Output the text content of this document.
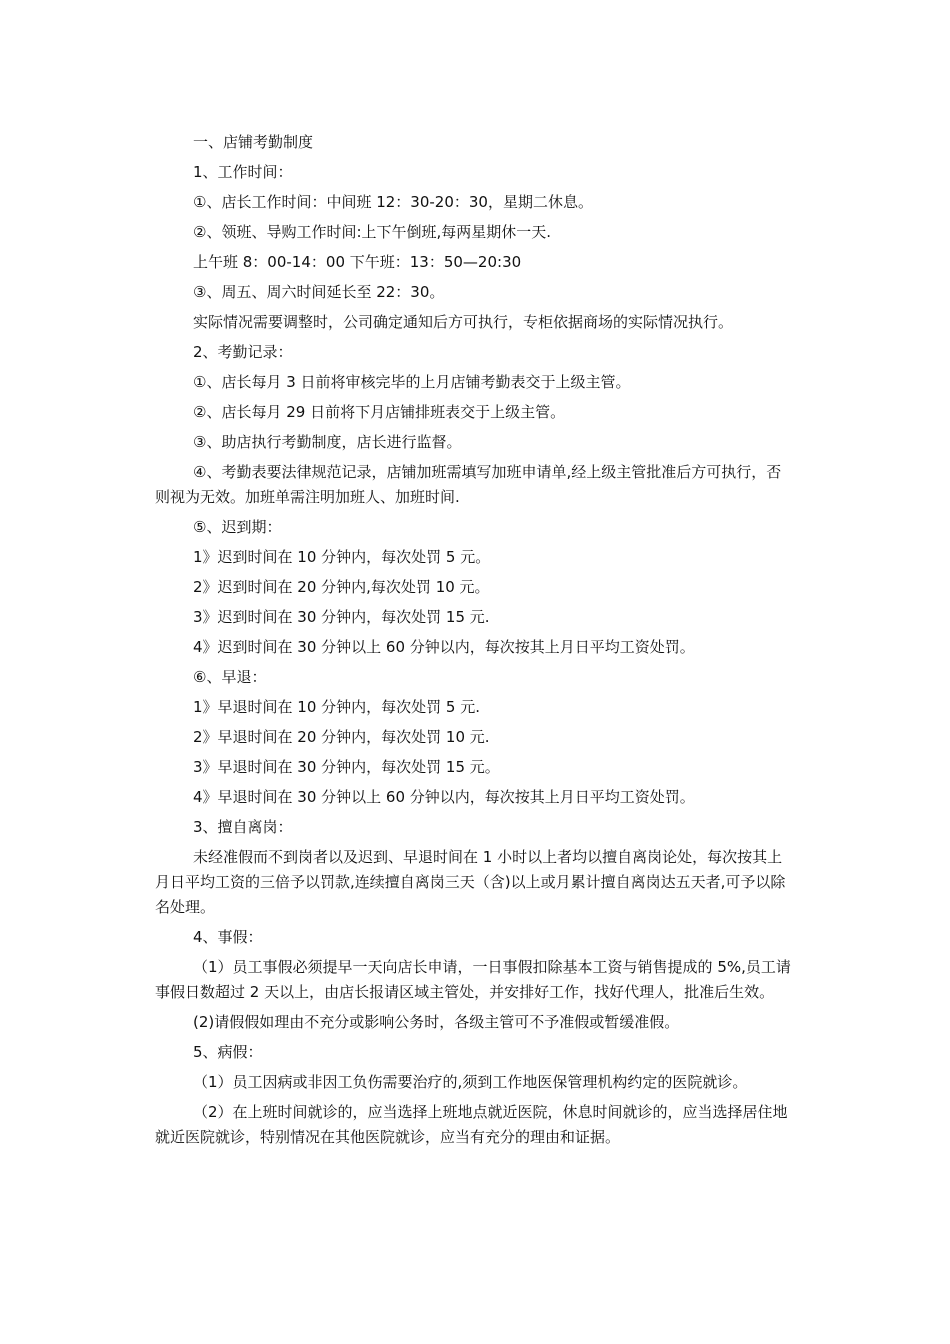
一、店铺考勤制度

1、工作时间：

①、店长工作时间：中间班 12：30-20：30，星期二休息。

②、领班、导购工作时间:上下午倒班,每两星期休一天.

上午班 8：00-14：00 下午班：13：50—20:30

③、周五、周六时间延长至 22：30。

实际情况需要调整时，公司确定通知后方可执行，专柜依据商场的实际情况执行。

2、考勤记录：

①、店长每月 3 日前将审核完毕的上月店铺考勤表交于上级主管。

②、店长每月 29 日前将下月店铺排班表交于上级主管。

③、助店执行考勤制度，店长进行监督。

④、考勤表要法律规范记录，店铺加班需填写加班申请单,经上级主管批准后方可执行，否则视为无效。加班单需注明加班人、加班时间.

⑤、迟到期：

1》迟到时间在 10 分钟内，每次处罚 5 元。

2》迟到时间在 20 分钟内,每次处罚 10 元。

3》迟到时间在 30 分钟内，每次处罚 15 元.

4》迟到时间在 30 分钟以上 60 分钟以内，每次按其上月日平均工资处罚。

⑥、早退：

1》早退时间在 10 分钟内，每次处罚 5 元.

2》早退时间在 20 分钟内，每次处罚 10 元.

3》早退时间在 30 分钟内，每次处罚 15 元。

4》早退时间在 30 分钟以上 60 分钟以内，每次按其上月日平均工资处罚。

3、擅自离岗：

未经准假而不到岗者以及迟到、早退时间在 1 小时以上者均以擅自离岗论处，每次按其上月日平均工资的三倍予以罚款,连续擅自离岗三天（含)以上或月累计擅自离岗达五天者,可予以除名处理。

4、事假：

（1）员工事假必须提早一天向店长申请，一日事假扣除基本工资与销售提成的 5%,员工请事假日数超过 2 天以上，由店长报请区域主管处，并安排好工作，找好代理人，批准后生效。

(2)请假假如理由不充分或影响公务时，各级主管可不予准假或暂缓准假。

5、病假：

（1）员工因病或非因工负伤需要治疗的,须到工作地医保管理机构约定的医院就诊。

（2）在上班时间就诊的，应当选择上班地点就近医院，休息时间就诊的，应当选择居住地就近医院就诊，特别情况在其他医院就诊，应当有充分的理由和证据。
